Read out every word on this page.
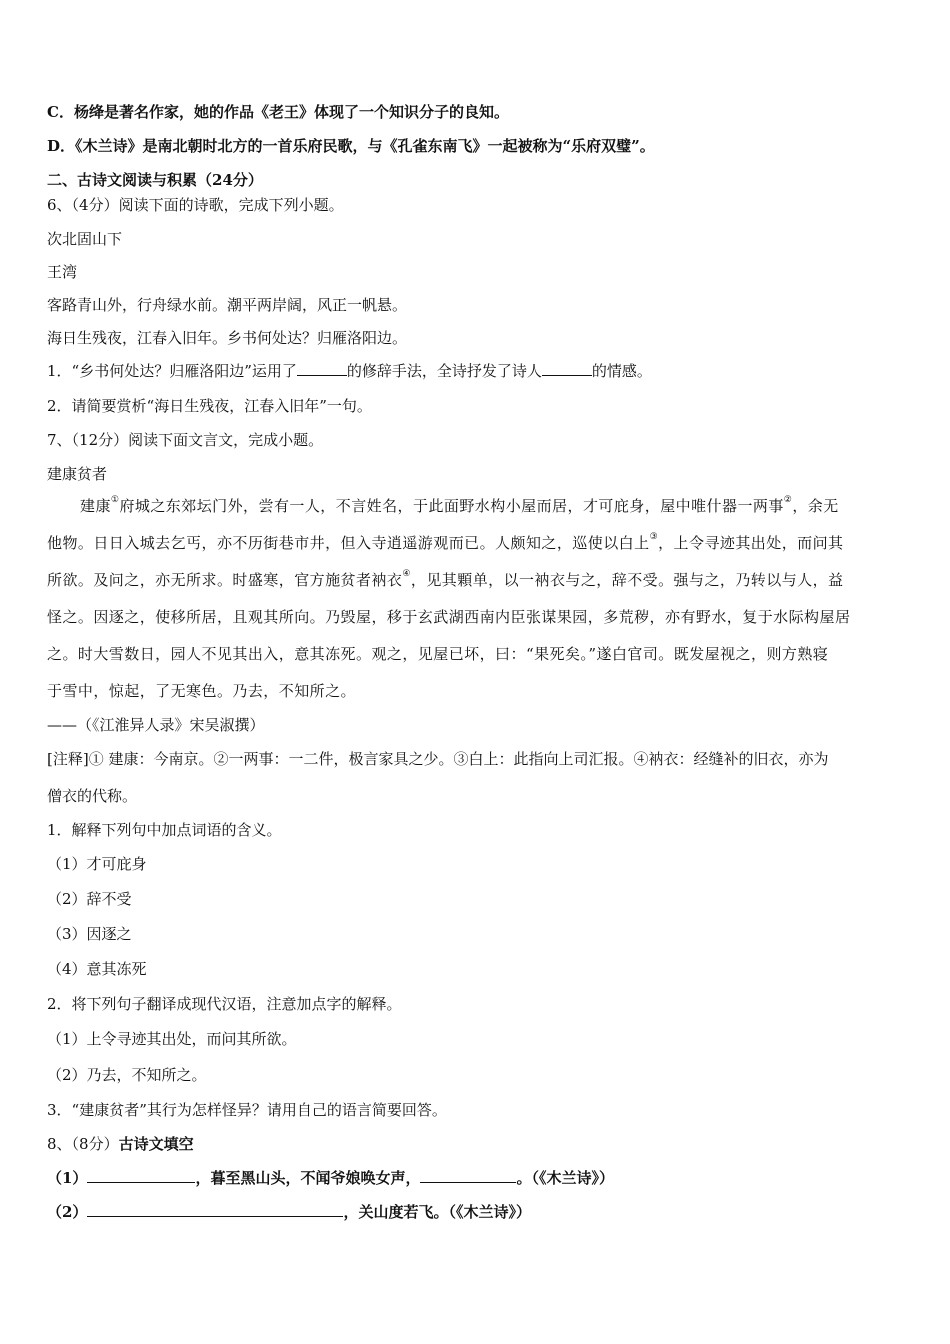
C．杨绛是著名作家，她的作品《老王》体现了一个知识分子的良知。
D．《木兰诗》是南北朝时北方的一首乐府民歌，与《孔雀东南飞》一起被称为“乐府双璧”。
二、古诗文阅读与积累（24分）
6、（4分）阅读下面的诗歌，完成下列小题。
次北固山下
王湾
客路青山外，行舟绿水前。潮平两岸阔，风正一帆悬。
海日生残夜，江春入旧年。乡书何处达？归雁洛阳边。
1．“乡书何处达？归雁洛阳边”运用了	的修辞手法，全诗抒发了诗人	的情感。
2．请简要赏析“海日生残夜，江春入旧年”一句。
7、（12分）阅读下面文言文，完成小题。
建康贫者
建康①府城之东郊坛门外，尝有一人，不言姓名，于此面野水构小屋而居，才可庇身，屋中唯什器一两事②，余无
他物。日日入城去乞丐，亦不历街巷市井，但入寺逍遥游观而已。人颇知之，巡使以白上③，上令寻迹其出处，而问其
所欲。及问之，亦无所求。时盛寒，官方施贫者衲衣④，见其顆单，以一衲衣与之，辞不受。强与之，乃转以与人，益
怪之。因逐之，使移所居，且观其所向。乃毁屋，移于玄武湖西南内臣张谋果园，多荒秽，亦有野水，复于水际构屋居
之。时大雪数日，园人不见其出入，意其冻死。观之，见屋已坏，曰：“果死矣。”遂白官司。既发屋视之，则方熟寝
于雪中，惊起，了无寒色。乃去，不知所之。
——（《江淮异人录》宋吴淑撰）
[注释]① 建康：今南京。②一两事：一二件，极言家具之少。③白上：此指向上司汇报。④衲衣：经缝补的旧衣，亦为
僧衣的代称。
1．解释下列句中加点词语的含义。
（1）才可庇身
（2）辞不受
（3）因逐之
（4）意其冻死
2．将下列句子翻译成现代汉语，注意加点字的解释。
（1）上令寻迹其出处，而问其所欲。
（2）乃去，不知所之。
3．“建康贫者”其行为怎样怪异？请用自己的语言简要回答。
8、（8分）古诗文填空
（1）	，暮至黑山头，不闻爷娘唤女声，	。（《木兰诗》）
（2）	，关山度若飞。（《木兰诗》）
